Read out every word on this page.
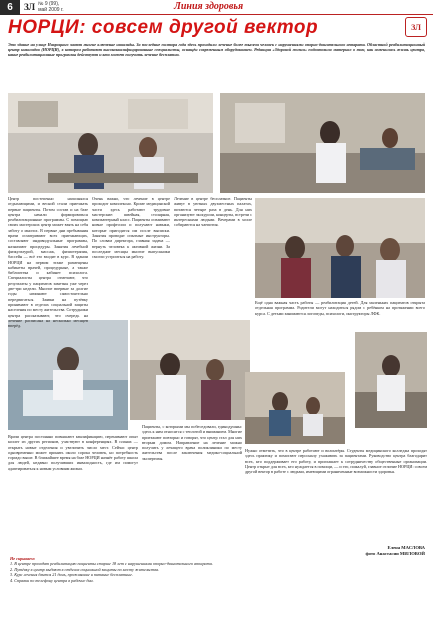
6	ЗЛ № 9 (99), май 2009 г.	Линия здоровья
НОРЦИ: совсем другой вектор	ЗЛ
Это здание на улице Навроцкого знают многие ключевые инвалиды. За последние полтора года здесь проходили лечение более тысячи человек с нарушениями опорно-двигательного аппарата. Областной реабилитационный центр инвалидов (НОРЦИ), в котором работают высококвалифицированные специалисты, оснащён современным оборудованием. Редакция «Здоровой жизни» подготовила материал о том, как изменилась жизнь центра, какие реабилитационные программы действуют и кто может получить лечение бесплатно.
Центр постепенно наполнялся отдыхающими, и весной стали приезжать первые пациенты. Потом состав и на базе центра начали формироваться реабилитационные программы. С помощью своих мастерских центр может взять на себя заботу о многих. В первые дни пребывания врачи осматривают всех приезжающих, составляют индивидуальные программы, назначают процедуры. Занятия лечебной физкультурой, массаж, физиотерапия, бассейн — всё это входит в курс. В здании НОРЦИ на первом этаже размещены кабинеты врачей, процедурные, а также библиотека и кабинет психолога. Специалисты центра отмечают, что результаты у пациентов заметны уже через две-три недели. Многие впервые за долгие годы начинают самостоятельно передвигаться. Заявки на путёвку принимают в отделах социальной защиты населения по месту жительства. Сотрудники центра рассказывают, что очередь на лечение расписана на несколько месяцев вперёд.
Очень важно, что лечение в центре проходит комплексно. Кроме медицинской части здесь работают трудовые мастерские: швейная, столярная, компьютерный класс. Пациенты осваивают новые профессии и получают навыки, которые пригодятся им после выписки. Занятия проводят опытные инструкторы. По словам директора, главная задача — вернуть человека к активной жизни. За последние месяцы многие выпускники смогли устроиться на работу.
Лечение в центре бесплатное. Пациенты живут в уютных двухместных палатах, питаются четыре раза в день. Для них организуют экскурсии, концерты, встречи с интересными людьми. Вечерами в холле собираются на чаепития.
Ещё одна важная часть работы — реабилитация детей. Для маленьких пациентов открыта отдельная программа. Родители могут находиться рядом с ребёнком на протяжении всего курса. С детьми занимаются логопеды, психологи, инструкторы ЛФК.
Врачи центра постоянно повышают квалификацию, перенимают опыт коллег из других регионов, участвуют в конференциях. В планах — открыть новые отделения и увеличить число мест. Сейчас центр одновременно может принять около сорока человек, но потребность гораздо выше. В ближайшее время на базе НОРЦИ начнёт работу школа для людей, недавно получивших инвалидность, где им помогут адаптироваться к новым условиям жизни.
Пациенты, с которыми мы побеседовали, единодушны: здесь к ним относятся с теплотой и вниманием. Многие приезжают повторно и говорят, что центр стал для них вторым домом. Направление на лечение можно получить у лечащего врача поликлиники по месту жительства после заключения медико-социальной экспертизы.
Нужно отметить, что в центре работают и волонтёры. Студенты медицинского колледжа проходят здесь практику и помогают персоналу ухаживать за пациентами. Руководство центра благодарит всех, кто поддерживает его работу, и приглашает к сотрудничеству общественные организации. Центр открыт для всех, кто нуждается в помощи, — и это, пожалуй, главное отличие НОРЦИ: совсем другой вектор в работе с людьми, имеющими ограниченные возможности здоровья.
Елена МАСЛОВА
фото Анастасии МИЛОВОЙ
Не скрываем:
1. В центре проходят реабилитацию пациенты старше 18 лет с нарушениями опорно-двигательного аппарата.
2. Путёвку в центр выдают в отделах социальной защиты по месту жительства.
3. Курс лечения длится 21 день, проживание и питание бесплатные.
4. Справки по телефону центра в рабочие дни.
